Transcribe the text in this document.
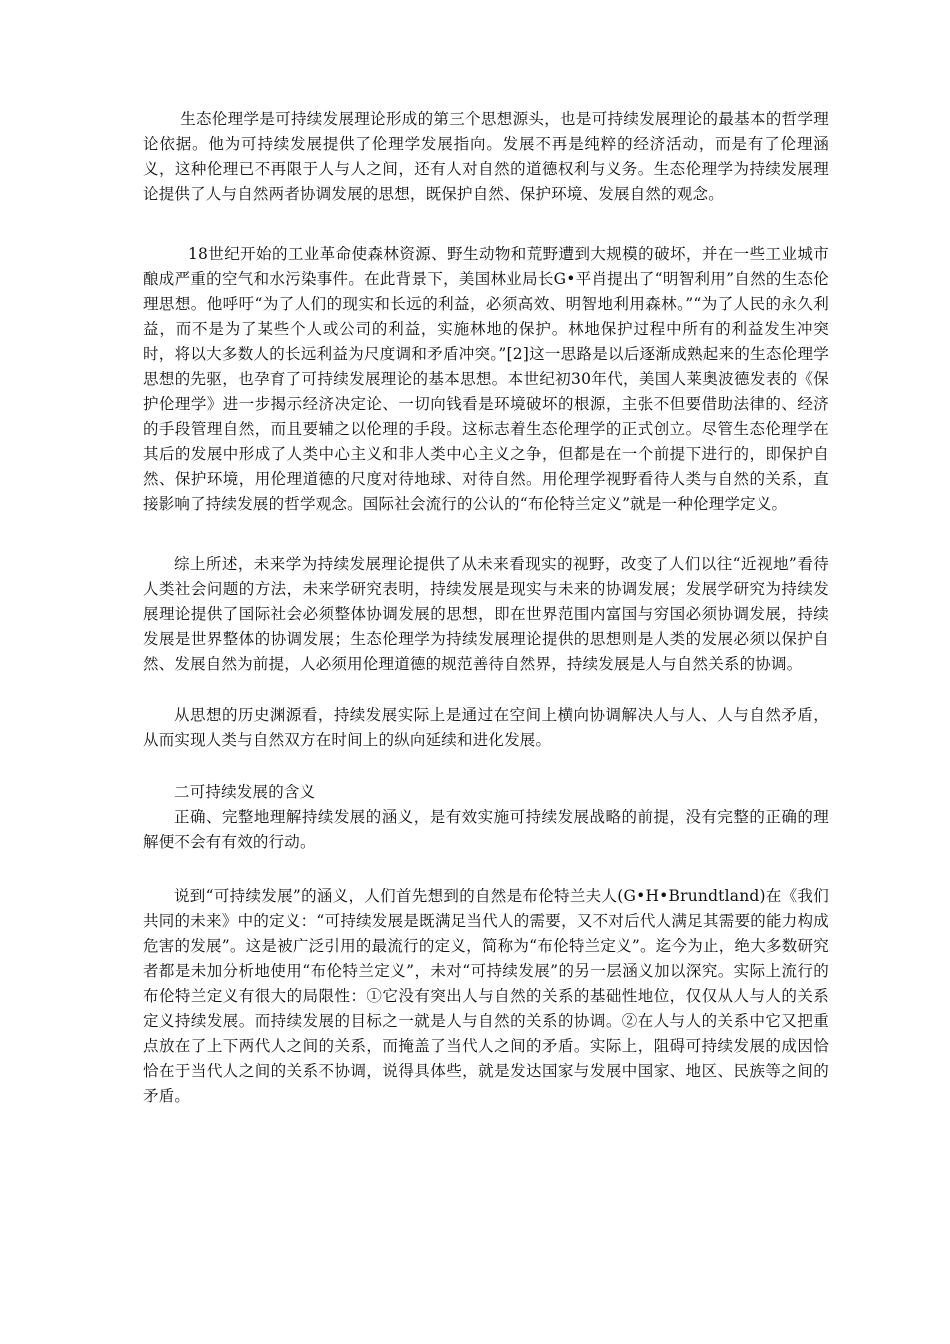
生态伦理学是可持续发展理论形成的第三个思想源头，也是可持续发展理论的最基本的哲学理论依据。他为可持续发展提供了伦理学发展指向。发展不再是纯粹的经济活动，而是有了伦理涵义，这种伦理已不再限于人与人之间，还有人对自然的道德权利与义务。生态伦理学为持续发展理论提供了人与自然两者协调发展的思想，既保护自然、保护环境、发展自然的观念。

18世纪开始的工业革命使森林资源、野生动物和荒野遭到大规模的破坏，并在一些工业城市酿成严重的空气和水污染事件。在此背景下，美国林业局长G•平肖提出了“明智利用”自然的生态伦理思想。他呼吁“为了人们的现实和长远的利益，必须高效、明智地利用森林。”“为了人民的永久利益，而不是为了某些个人或公司的利益，实施林地的保护。林地保护过程中所有的利益发生冲突时，将以大多数人的长远利益为尺度调和矛盾冲突。”[2]这一思路是以后逐渐成熟起来的生态伦理学思想的先驱，也孕育了可持续发展理论的基本思想。本世纪初30年代，美国人莱奥波德发表的《保护伦理学》进一步揭示经济决定论、一切向钱看是环境破坏的根源，主张不但要借助法律的、经济的手段管理自然，而且要辅之以伦理的手段。这标志着生态伦理学的正式创立。尽管生态伦理学在其后的发展中形成了人类中心主义和非人类中心主义之争，但都是在一个前提下进行的，即保护自然、保护环境，用伦理道德的尺度对待地球、对待自然。用伦理学视野看待人类与自然的关系，直接影响了持续发展的哲学观念。国际社会流行的公认的“布伦特兰定义”就是一种伦理学定义。

综上所述，未来学为持续发展理论提供了从未来看现实的视野，改变了人们以往“近视地”看待人类社会问题的方法，未来学研究表明，持续发展是现实与未来的协调发展；发展学研究为持续发展理论提供了国际社会必须整体协调发展的思想，即在世界范围内富国与穷国必须协调发展，持续发展是世界整体的协调发展；生态伦理学为持续发展理论提供的思想则是人类的发展必须以保护自然、发展自然为前提，人必须用伦理道德的规范善待自然界，持续发展是人与自然关系的协调。

从思想的历史渊源看，持续发展实际上是通过在空间上横向协调解决人与人、人与自然矛盾，从而实现人类与自然双方在时间上的纵向延续和进化发展。

二可持续发展的含义

正确、完整地理解持续发展的涵义，是有效实施可持续发展战略的前提，没有完整的正确的理解便不会有有效的行动。

说到“可持续发展”的涵义，人们首先想到的自然是布伦特兰夫人(G•H•Brundtland)在《我们共同的未来》中的定义：“可持续发展是既满足当代人的需要，又不对后代人满足其需要的能力构成危害的发展”。这是被广泛引用的最流行的定义，简称为“布伦特兰定义”。迄今为止，绝大多数研究者都是未加分析地使用“布伦特兰定义”，未对“可持续发展”的另一层涵义加以深究。实际上流行的布伦特兰定义有很大的局限性：①它没有突出人与自然的关系的基础性地位，仅仅从人与人的关系定义持续发展。而持续发展的目标之一就是人与自然的关系的协调。②在人与人的关系中它又把重点放在了上下两代人之间的关系，而掩盖了当代人之间的矛盾。实际上，阻碍可持续发展的成因恰恰在于当代人之间的关系不协调，说得具体些，就是发达国家与发展中国家、地区、民族等之间的矛盾。
